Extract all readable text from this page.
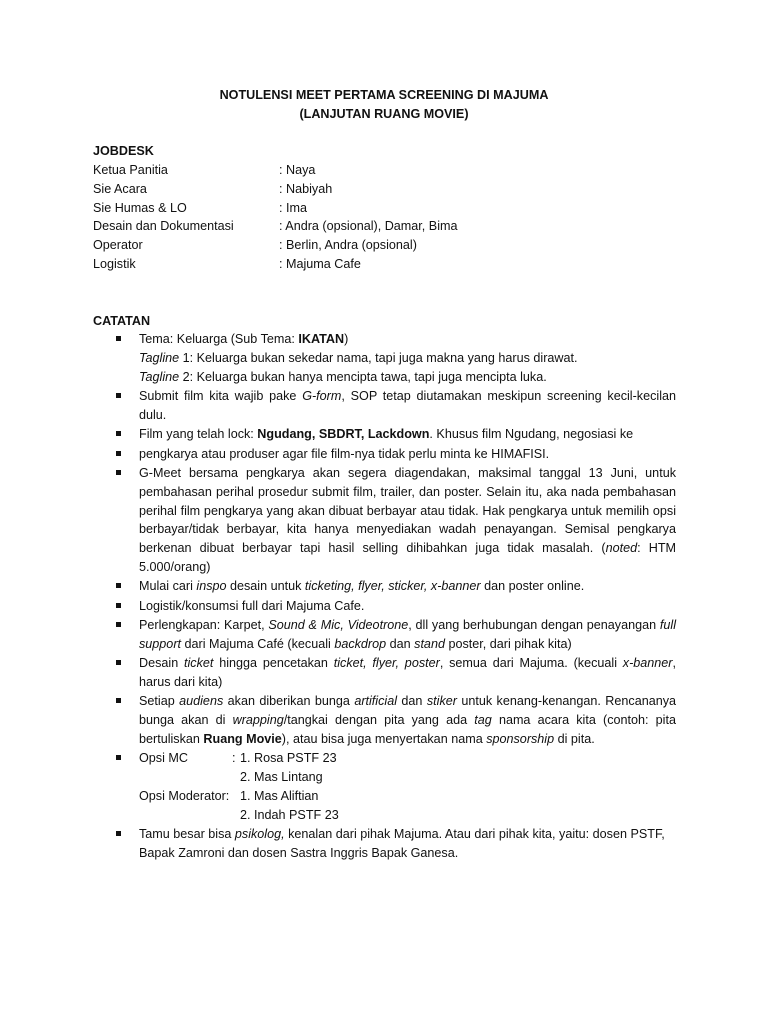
NOTULENSI MEET PERTAMA SCREENING DI MAJUMA
(LANJUTAN RUANG MOVIE)
JOBDESK
Ketua Panitia	: Naya
Sie Acara	: Nabiyah
Sie Humas & LO	: Ima
Desain dan Dokumentasi	: Andra (opsional), Damar, Bima
Operator	: Berlin, Andra (opsional)
Logistik	: Majuma Cafe
CATATAN
Tema: Keluarga (Sub Tema: IKATAN)
Tagline 1: Keluarga bukan sekedar nama, tapi juga makna yang harus dirawat.
Tagline 2: Keluarga bukan hanya mencipta tawa, tapi juga mencipta luka.
Submit film kita wajib pake G-form, SOP tetap diutamakan meskipun screening kecil-kecilan dulu.
Film yang telah lock: Ngudang, SBDRT, Lackdown. Khusus film Ngudang, negosiasi ke
pengkarya atau produser agar file film-nya tidak perlu minta ke HIMAFISI.
G-Meet bersama pengkarya akan segera diagendakan, maksimal tanggal 13 Juni, untuk pembahasan perihal prosedur submit film, trailer, dan poster. Selain itu, aka nada pembahasan perihal film pengkarya yang akan dibuat berbayar atau tidak. Hak pengkarya untuk memilih opsi berbayar/tidak berbayar, kita hanya menyediakan wadah penayangan. Semisal pengkarya berkenan dibuat berbayar tapi hasil selling dihibahkan juga tidak masalah. (noted: HTM 5.000/orang)
Mulai cari inspo desain untuk ticketing, flyer, sticker, x-banner dan poster online.
Logistik/konsumsi full dari Majuma Cafe.
Perlengkapan: Karpet, Sound & Mic, Videotrone, dll yang berhubungan dengan penayangan full support dari Majuma Café (kecuali backdrop dan stand poster, dari pihak kita)
Desain ticket hingga pencetakan ticket, flyer, poster, semua dari Majuma. (kecuali x-banner, harus dari kita)
Setiap audiens akan diberikan bunga artificial dan stiker untuk kenang-kenangan. Rencananya bunga akan di wrapping/tangkai dengan pita yang ada tag nama acara kita (contoh: pita bertuliskan Ruang Movie), atau bisa juga menyertakan nama sponsorship di pita.
Opsi MC	: 1. Rosa PSTF 23
2. Mas Lintang
Opsi Moderator: 1. Mas Aliftian
2. Indah PSTF 23
Tamu besar bisa psikolog, kenalan dari pihak Majuma. Atau dari pihak kita, yaitu: dosen PSTF, Bapak Zamroni dan dosen Sastra Inggris Bapak Ganesa.
